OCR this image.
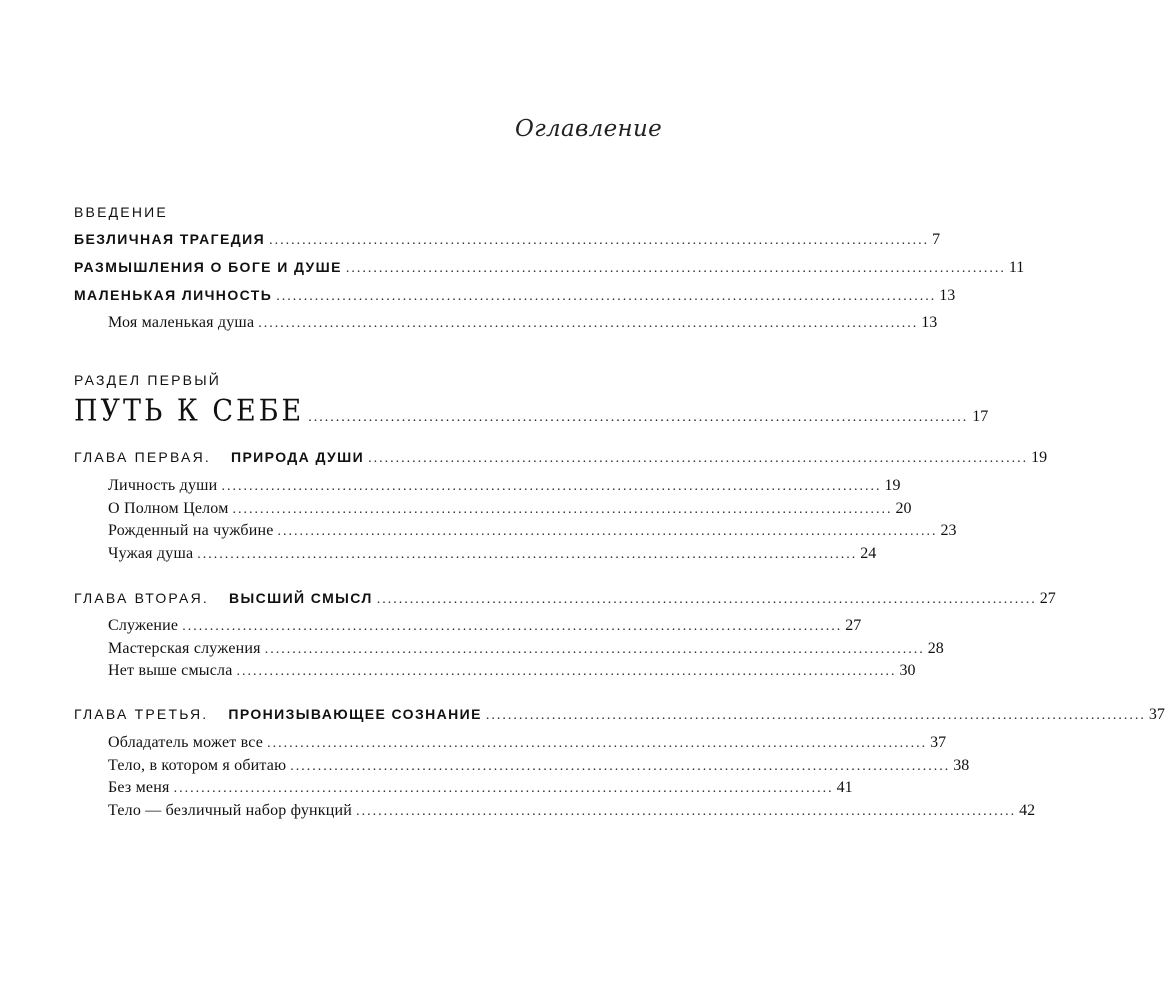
Оглавление
ВВЕДЕНИЕ
БЕЗЛИЧНАЯ ТРАГЕДИЯ ........................................................................................................................ 7
РАЗМЫШЛЕНИЯ О БОГЕ И ДУШЕ ........................................................................................................................ 11
МАЛЕНЬКАЯ ЛИЧНОСТЬ ........................................................................................................................ 13
Моя маленькая душа ........................................................................................................................ 13
РАЗДЕЛ ПЕРВЫЙ
ПУТЬ К СЕБЕ ........................................................................................................................ 17
ГЛАВА ПЕРВАЯ. ПРИРОДА ДУШИ ........................................................................................................................ 19
Личность души ........................................................................................................................ 19
О Полном Целом ........................................................................................................................ 20
Рожденный на чужбине ........................................................................................................................ 23
Чужая душа ........................................................................................................................ 24
ГЛАВА ВТОРАЯ. ВЫСШИЙ СМЫСЛ ........................................................................................................................ 27
Служение ........................................................................................................................ 27
Мастерская служения ........................................................................................................................ 28
Нет выше смысла ........................................................................................................................ 30
ГЛАВА ТРЕТЬЯ. ПРОНИЗЫВАЮЩЕЕ СОЗНАНИЕ ........................................................................................................................ 37
Обладатель может все ........................................................................................................................ 37
Тело, в котором я обитаю ........................................................................................................................ 38
Без меня ........................................................................................................................ 41
Тело — безличный набор функций ........................................................................................................................ 42
